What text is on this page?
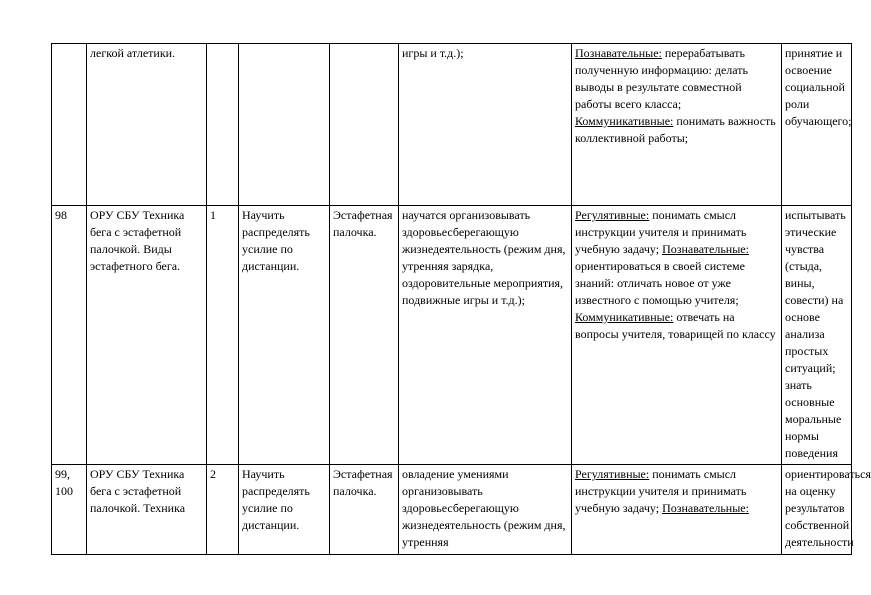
	легкой атлетики.				игры и т.д.);	Познавательные: перерабатывать полученную информацию: делать выводы в результате совместной работы всего класса; Коммуникативные: понимать важность коллективной работы;	принятие и освоение социальной роли обучающего;
98	ОРУ СБУ Техника бега с эстафетной палочкой. Виды эстафетного бега.	1	Научить распределять усилие по дистанции.	Эстафетная палочка.	научатся организовывать здоровьесберегающую жизнедеятельность (режим дня, утренняя зарядка, оздоровительные мероприятия, подвижные игры и т.д.);	Регулятивные: понимать смысл инструкции учителя и принимать учебную задачу; Познавательные: ориентироваться в своей системе знаний: отличать новое от уже известного с помощью учителя; Коммуникативные: отвечать на вопросы учителя, товарищей по классу	испытывать этические чувства (стыда, вины, совести) на основе анализа простых ситуаций; знать основные моральные нормы поведения
99, 100	ОРУ СБУ Техника бега с эстафетной палочкой. Техника	2	Научить распределять усилие по дистанции.	Эстафетная палочка.	овладение умениями организовывать здоровьесберегающую жизнедеятельность (режим дня, утренняя	Регулятивные: понимать смысл инструкции учителя и принимать учебную задачу; Познавательные:	ориентироваться на оценку результатов собственной деятельности
